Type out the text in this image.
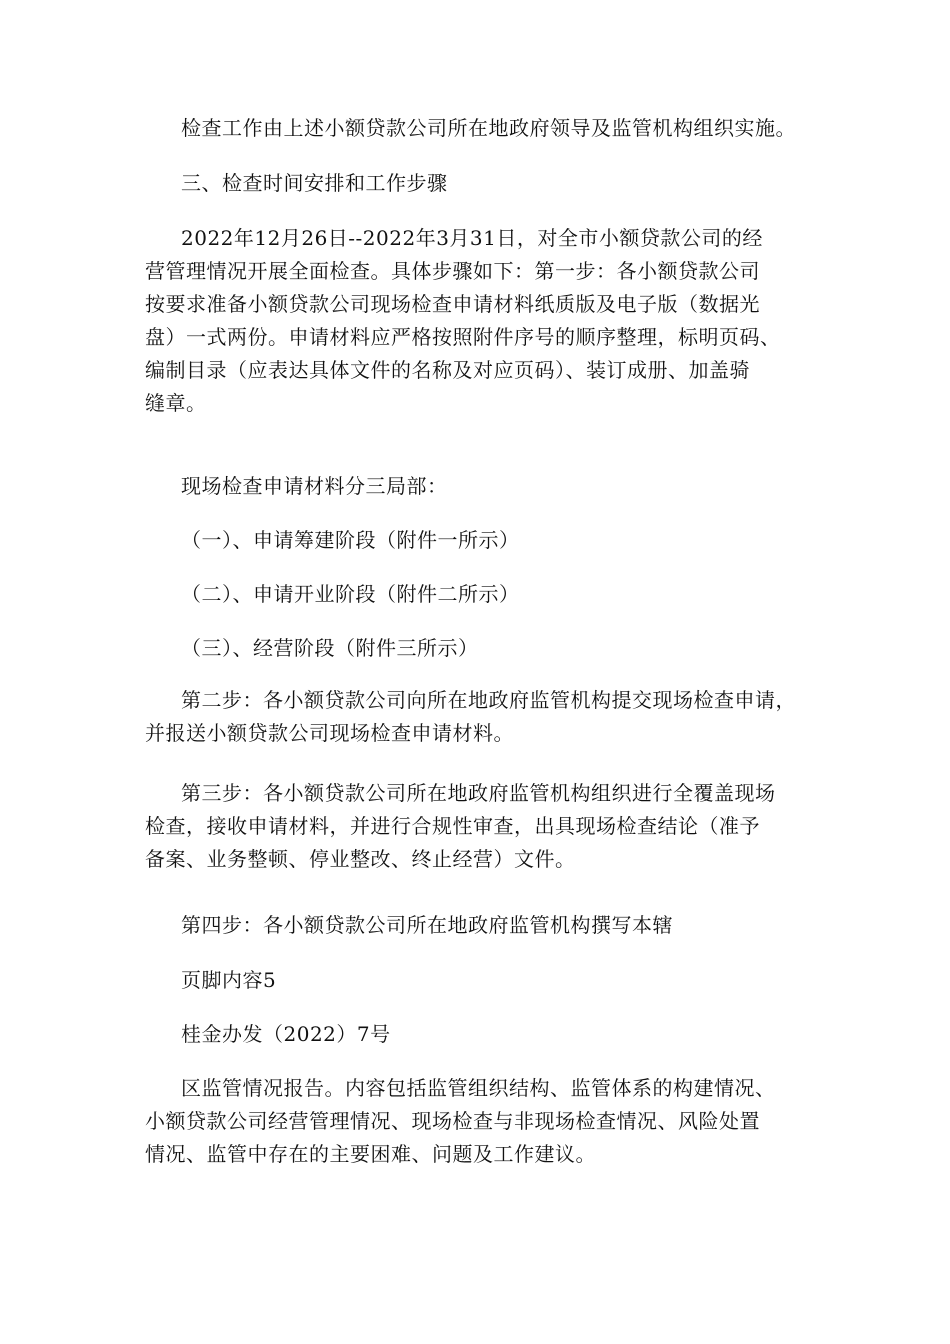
检查工作由上述小额贷款公司所在地政府领导及监管机构组织实施。

三、检查时间安排和工作步骤

2022年12月26日--2022年3月31日，对全市小额贷款公司的经
营管理情况开展全面检查。具体步骤如下：第一步：各小额贷款公司
按要求准备小额贷款公司现场检查申请材料纸质版及电子版（数据光
盘）一式两份。申请材料应严格按照附件序号的顺序整理，标明页码、
编制目录（应表达具体文件的名称及对应页码）、装订成册、加盖骑
缝章。

现场检查申请材料分三局部：

（一）、申请筹建阶段（附件一所示）

（二）、申请开业阶段（附件二所示）

（三）、经营阶段（附件三所示）

第二步：各小额贷款公司向所在地政府监管机构提交现场检查申请，
并报送小额贷款公司现场检查申请材料。

第三步：各小额贷款公司所在地政府监管机构组织进行全覆盖现场
检查，接收申请材料，并进行合规性审查，出具现场检查结论（准予
备案、业务整顿、停业整改、终止经营）文件。

第四步：各小额贷款公司所在地政府监管机构撰写本辖

页脚内容5

桂金办发（2022）7号

区监管情况报告。内容包括监管组织结构、监管体系的构建情况、
小额贷款公司经营管理情况、现场检查与非现场检查情况、风险处置
情况、监管中存在的主要困难、问题及工作建议。
